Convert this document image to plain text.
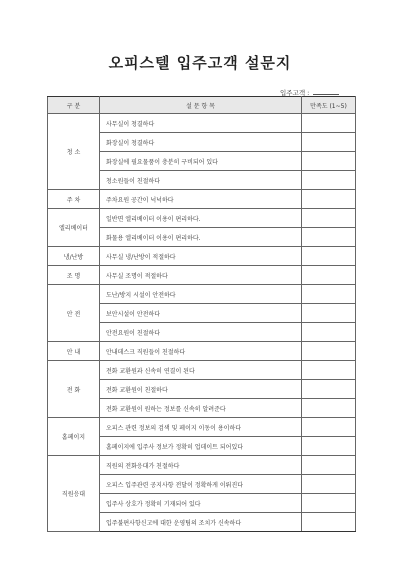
오피스텔 입주고객 설문지
입주고객 :
구 분	설 문 항 목	만족도 (1~5)
청 소	사무실이 청결하다	
	화장실이 청결하다	
	화장실에 필요물품이 충분히 구비되어 있다	
	청소원들이 친절하다	
주 차	주차요원 공간이 넉넉하다	
엘리베이터	일반면 엘리베이터 이용이 편리하다.	
	화물용 엘리베이터 이용이 편리하다.	
냉/난방	사무실 냉/난방이 적절하다	
조 명	사무실 조명이 적절하다	
안 전	도난/방지 시설이 안전하다	
	보안시설이 안전하다	
	안전요원이 친절하다	
안 내	안내데스크 직원들이 친절하다	
전 화	전화 교환원과 신속히 연결이 된다	
	전화 교환원이 친절하다	
	전화 교환원이 원하는 정보를 신속히 알려준다	
홈페이지	오피스 관련 정보의 검색 및 페이지 이동이 용이하다	
	홈페이지에 입주사 정보가 정확히 업데이트 되어있다	
직원응대	직원의 전화응대가 친절하다	
	오피스 입주관련 공지사항 전달이 정확하게 이뤄진다	
	입주사 상호가 정확히 기재되어 있다	
	입주불편사항신고에 대한 운영팀의 조치가 신속하다	
